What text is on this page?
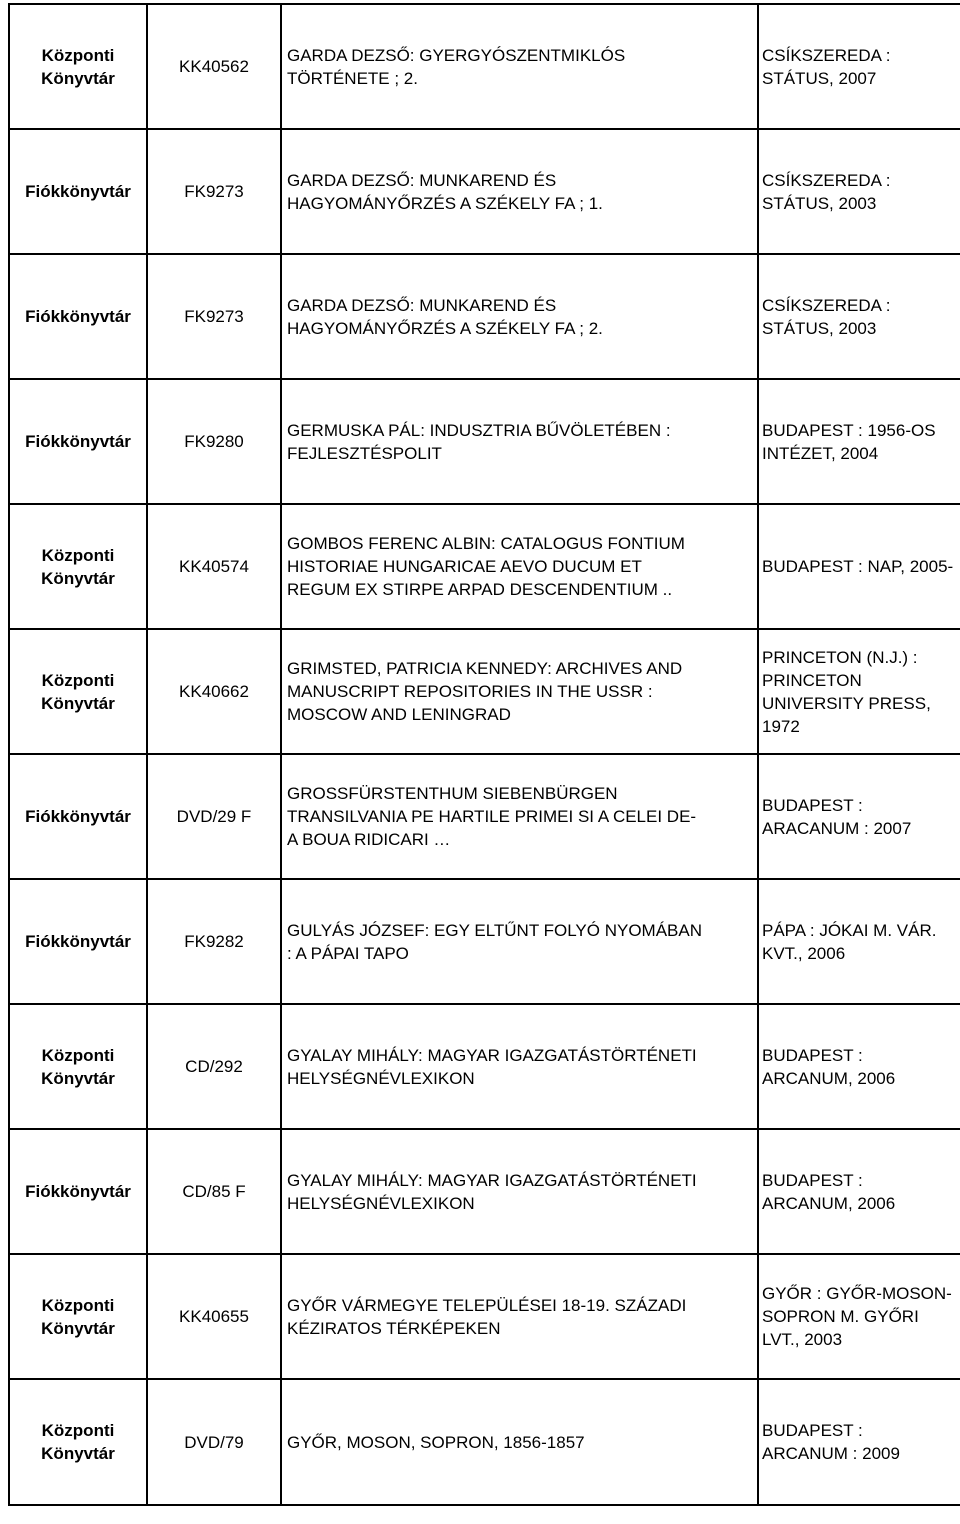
Központi
Könyvtár	KK40562	GARDA DEZSŐ: GYERGYÓSZENTMIKLÓS
TÖRTÉNETE ; 2.	CSÍKSZEREDA :
STÁTUS, 2007
Fiókkönyvtár	FK9273	GARDA DEZSŐ: MUNKAREND ÉS
HAGYOMÁNYŐRZÉS A SZÉKELY FA ; 1.	CSÍKSZEREDA :
STÁTUS, 2003
Fiókkönyvtár	FK9273	GARDA DEZSŐ: MUNKAREND ÉS
HAGYOMÁNYŐRZÉS A SZÉKELY FA ; 2.	CSÍKSZEREDA :
STÁTUS, 2003
Fiókkönyvtár	FK9280	GERMUSKA PÁL: INDUSZTRIA BŰVÖLETÉBEN :
FEJLESZTÉSPOLIT	BUDAPEST : 1956-OS
INTÉZET, 2004
Központi
Könyvtár	KK40574	GOMBOS FERENC ALBIN: CATALOGUS FONTIUM
HISTORIAE HUNGARICAE AEVO DUCUM ET
REGUM EX STIRPE ARPAD DESCENDENTIUM ..	BUDAPEST : NAP, 2005-
Központi
Könyvtár	KK40662	GRIMSTED, PATRICIA KENNEDY: ARCHIVES AND
MANUSCRIPT REPOSITORIES IN THE USSR :
MOSCOW AND LENINGRAD	PRINCETON (N.J.) :
PRINCETON
UNIVERSITY PRESS,
1972
Fiókkönyvtár	DVD/29 F	GROSSFÜRSTENTHUM SIEBENBÜRGEN
TRANSILVANIA PE HARTILE PRIMEI SI A CELEI DE-
A BOUA RIDICARI …	BUDAPEST :
ARACANUM : 2007
Fiókkönyvtár	FK9282	GULYÁS JÓZSEF: EGY ELTŰNT FOLYÓ NYOMÁBAN
: A PÁPAI TAPO	PÁPA : JÓKAI M. VÁR.
KVT., 2006
Központi
Könyvtár	CD/292	GYALAY MIHÁLY: MAGYAR IGAZGATÁSTÖRTÉNETI
HELYSÉGNÉVLEXIKON	BUDAPEST :
ARCANUM, 2006
Fiókkönyvtár	CD/85 F	GYALAY MIHÁLY: MAGYAR IGAZGATÁSTÖRTÉNETI
HELYSÉGNÉVLEXIKON	BUDAPEST :
ARCANUM, 2006
Központi
Könyvtár	KK40655	GYŐR VÁRMEGYE TELEPÜLÉSEI 18-19. SZÁZADI
KÉZIRATOS TÉRKÉPEKEN	GYŐR : GYŐR-MOSON-
SOPRON M. GYŐRI
LVT., 2003
Központi
Könyvtár	DVD/79	GYŐR, MOSON, SOPRON, 1856-1857	BUDAPEST :
ARCANUM : 2009
